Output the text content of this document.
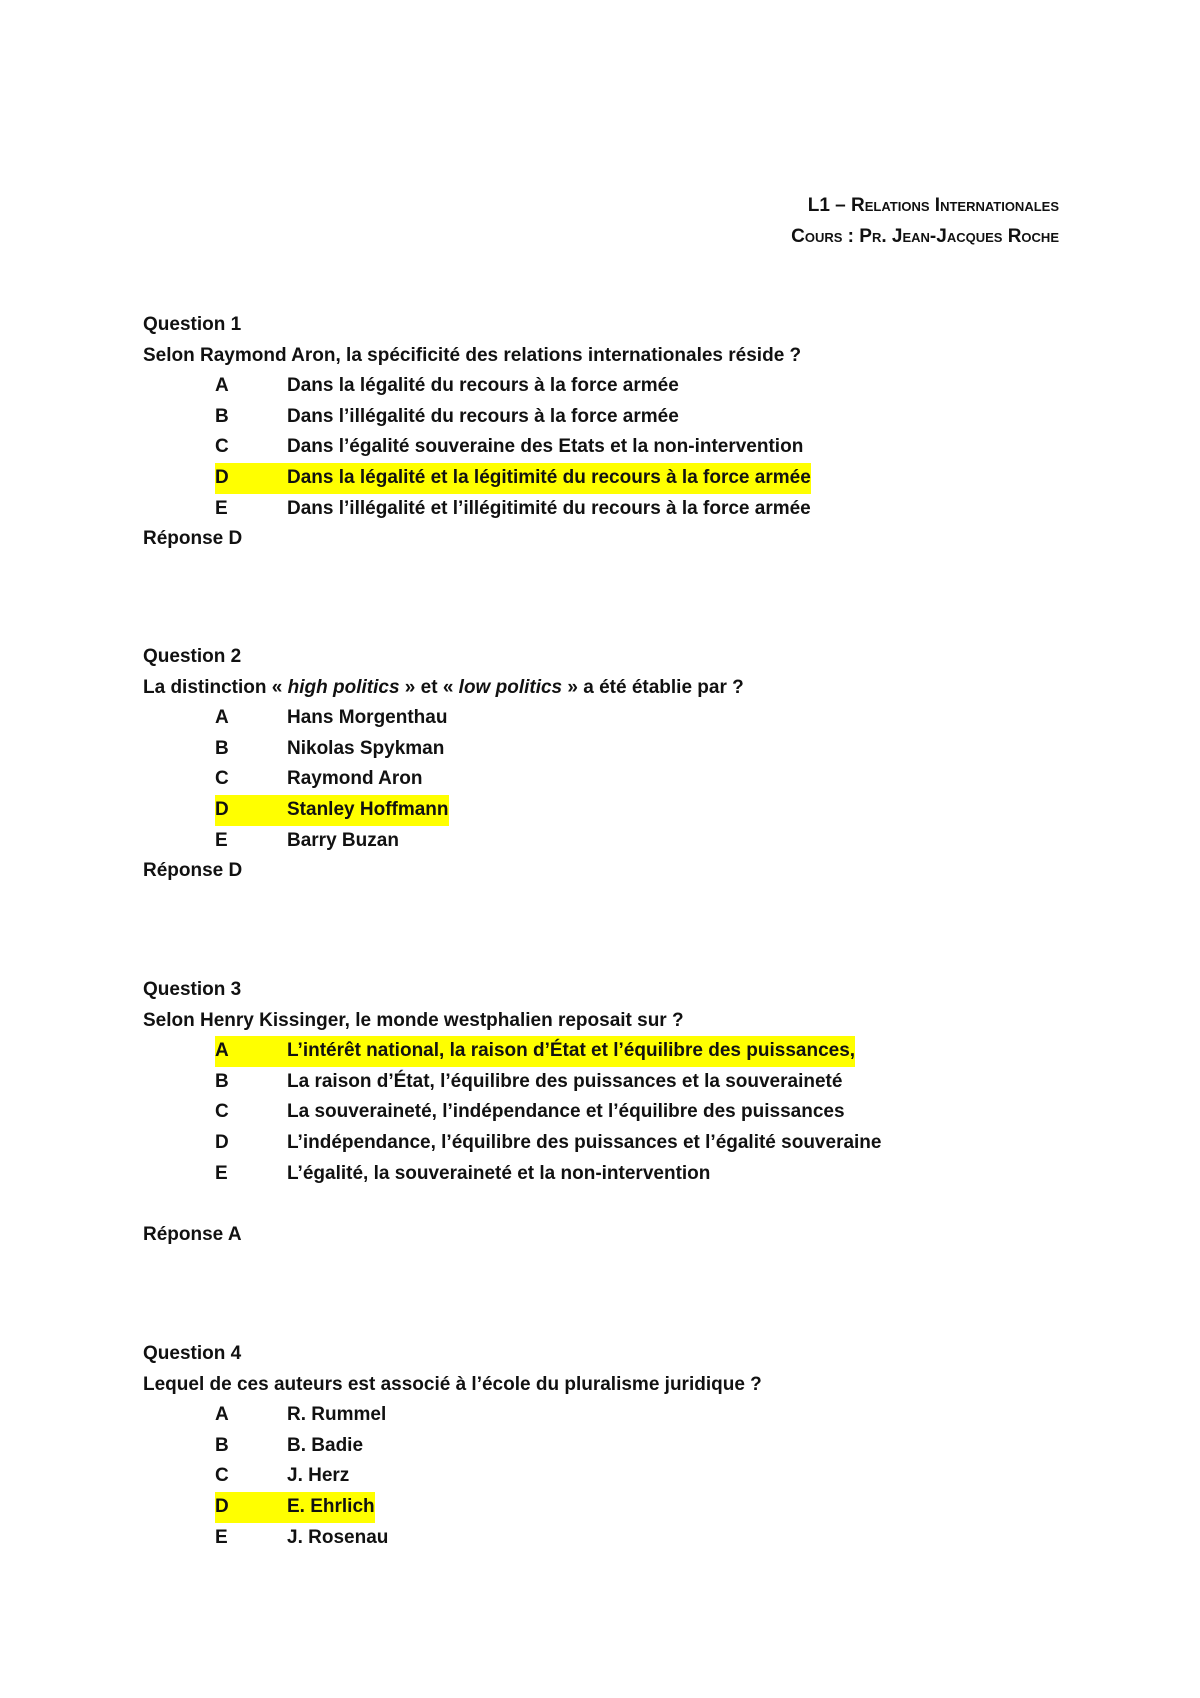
L1 – Relations Internationales
Cours : Pr. Jean-Jacques Roche
Question 1
Selon Raymond Aron, la spécificité des relations internationales réside ?
A	Dans la légalité du recours à la force armée
B	Dans l’illégalité du recours à la force armée
C	Dans l’égalité souveraine des Etats et la non-intervention
D	Dans la légalité et la légitimité du recours à la force armée
E	Dans l’illégalité et l’illégitimité du recours à la force armée
Réponse D
Question 2
La distinction « high politics » et « low politics » a été établie par ?
A	Hans Morgenthau
B	Nikolas Spykman
C	Raymond Aron
D	Stanley Hoffmann
E	Barry Buzan
Réponse D
Question 3
Selon Henry Kissinger, le monde westphalien reposait sur ?
A	L’intérêt national, la raison d’État et l’équilibre des puissances,
B	La raison d’État, l’équilibre des puissances et la souveraineté
C	La souveraineté, l’indépendance et l’équilibre des puissances
D	L’indépendance, l’équilibre des puissances et l’égalité souveraine
E	L’égalité, la souveraineté et la non-intervention
Réponse A
Question 4
Lequel de ces auteurs est associé à l’école du pluralisme juridique ?
A	R. Rummel
B	B. Badie
C	J. Herz
D	E. Ehrlich
E	J. Rosenau
